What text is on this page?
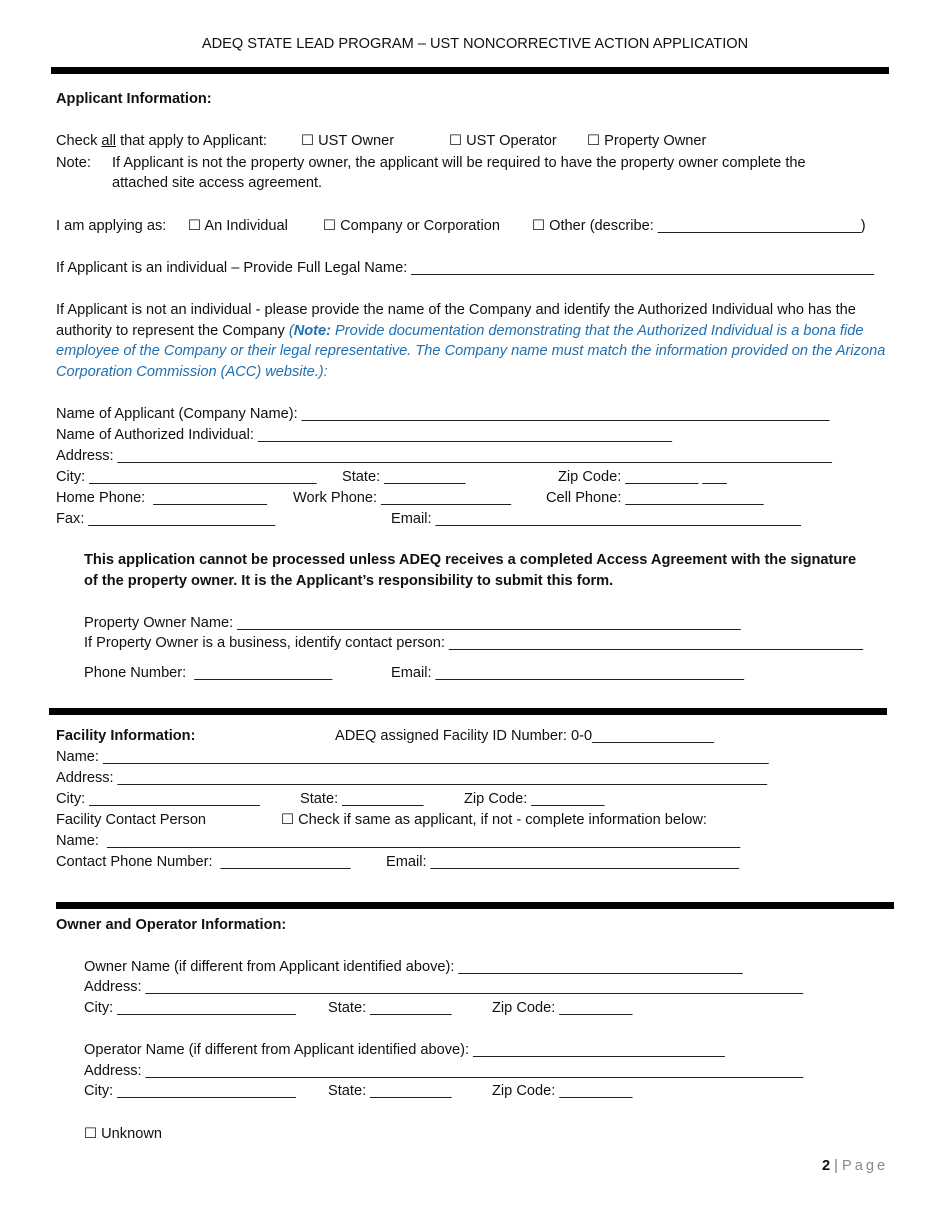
ADEQ STATE LEAD PROGRAM – UST NONCORRECTIVE ACTION APPLICATION
Applicant Information:
Check all that apply to Applicant: ☐ UST Owner	☐ UST Operator ☐ Property Owner
Note: If Applicant is not the property owner, the applicant will be required to have the property owner complete the
attached site access agreement.
I am applying as: ☐ An Individual ☐ Company or Corporation ☐ Other (describe: _________________________)
If Applicant is an individual – Provide Full Legal Name: _________________________________________________________
If Applicant is not an individual - please provide the name of the Company and identify the Authorized Individual who has the authority to represent the Company (Note: Provide documentation demonstrating that the Authorized Individual is a bona fide employee of the Company or their legal representative. The Company name must match the information provided on the Arizona Corporation Commission (ACC) website.):
Name of Applicant (Company Name): _________________________________________________________________
Name of Authorized Individual: ___________________________________________________
Address: ________________________________________________________________________________________
City: ____________________________ State: __________	Zip Code: _________ ___
Home Phone:  ______________ Work Phone: ________________ Cell Phone: _________________
Fax: _______________________	Email: _____________________________________________
This application cannot be processed unless ADEQ receives a completed Access Agreement with the signature
of the property owner. It is the Applicant’s responsibility to submit this form.
Property Owner Name: ______________________________________________________________
If Property Owner is a business, identify contact person: ___________________________________________________
Phone Number:  _________________	Email: ______________________________________
Facility Information:	ADEQ assigned Facility ID Number: 0-0_______________
Name: __________________________________________________________________________________
Address: ________________________________________________________________________________
City: _____________________	State: __________	Zip Code: _________
Facility Contact Person	☐ Check if same as applicant, if not - complete information below:
Name:  ______________________________________________________________________________
Contact Phone Number:  ________________ Email: ______________________________________
Owner and Operator Information:
Owner Name (if different from Applicant identified above): ___________________________________
Address: _________________________________________________________________________________
City: ______________________ State: __________	Zip Code: _________
Operator Name (if different from Applicant identified above): _______________________________
Address: _________________________________________________________________________________
City: ______________________ State: __________	Zip Code: _________
☐ Unknown
2 | Page
